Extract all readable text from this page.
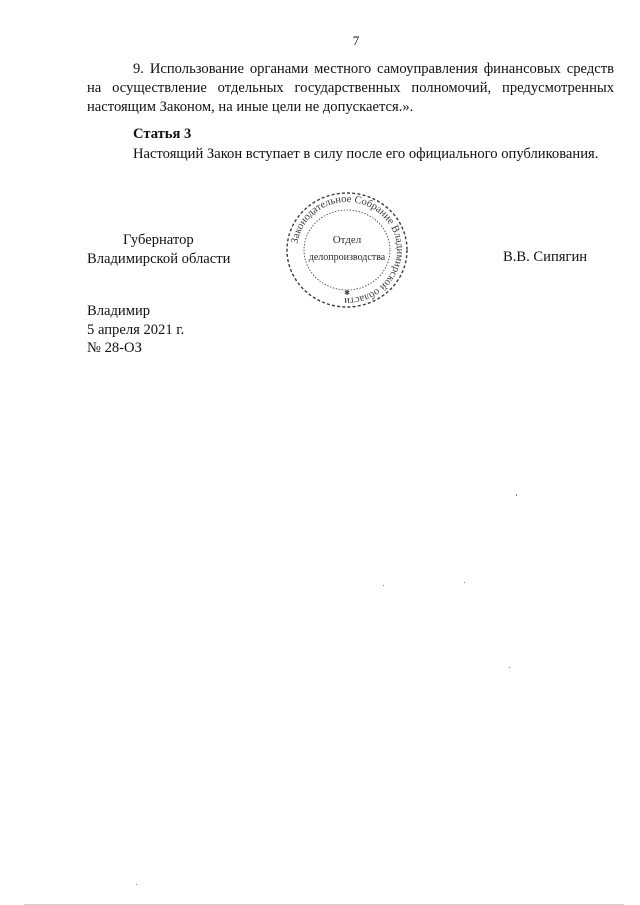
7

9. Использование органами местного самоуправления финансовых средств на осуществление отдельных государственных полномочий, предусмотренных настоящим Законом, на иные цели не допускается.».

Статья 3

Настоящий Закон вступает в силу после его официального опубликования.

Губернатор
Владимирской области
Законодательное Собрание Владимирской области
Отдел
делопроизводства
✱
В.В. Сипягин
Владимир
5 апреля 2021 г.
№ 28-ОЗ
